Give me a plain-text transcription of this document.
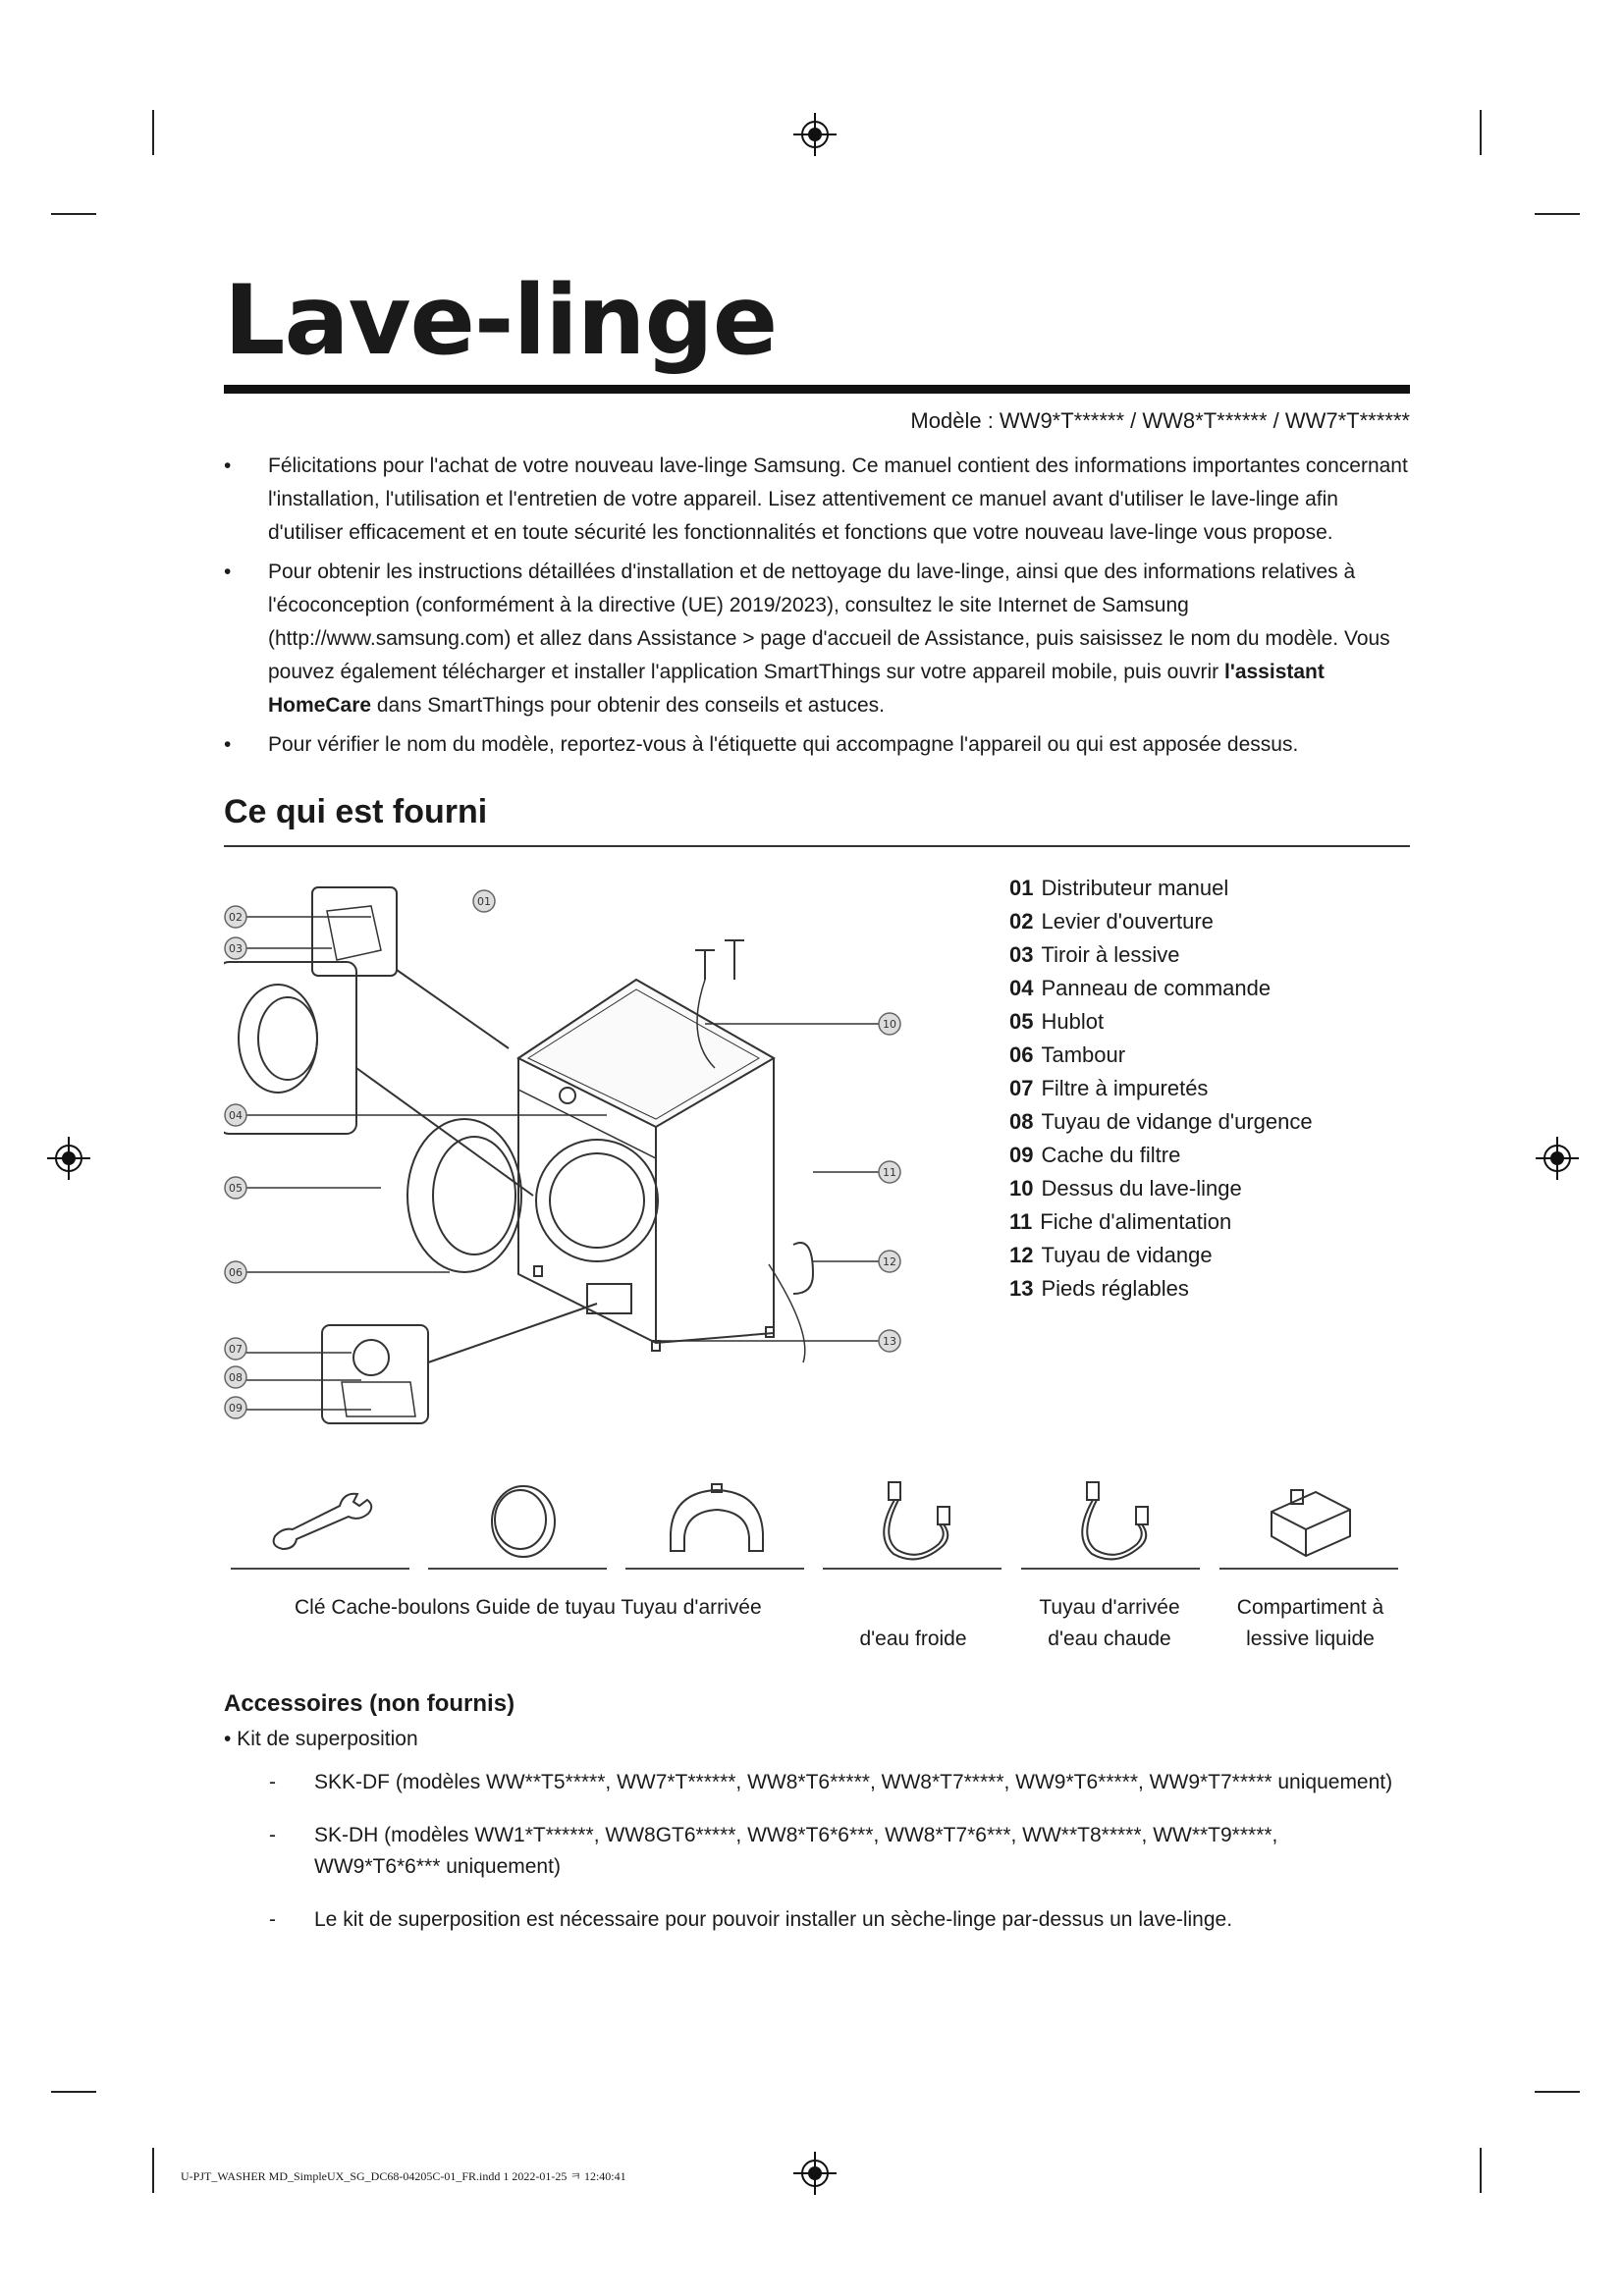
Lave-linge
Modèle : WW9*T****** / WW8*T****** / WW7*T******
• Félicitations pour l'achat de votre nouveau lave-linge Samsung. Ce manuel contient des informations importantes concernant l'installation, l'utilisation et l'entretien de votre appareil. Lisez attentivement ce manuel avant d'utiliser le lave-linge afin d'utiliser efficacement et en toute sécurité les fonctionnalités et fonctions que votre nouveau lave-linge vous propose.
• Pour obtenir les instructions détaillées d'installation et de nettoyage du lave-linge, ainsi que des informations relatives à l'écoconception (conformément à la directive (UE) 2019/2023), consultez le site Internet de Samsung (http://www.samsung.com) et allez dans Assistance > page d'accueil de Assistance, puis saisissez le nom du modèle. Vous pouvez également télécharger et installer l'application SmartThings sur votre appareil mobile, puis ouvrir l'assistant HomeCare dans SmartThings pour obtenir des conseils et astuces.
• Pour vérifier le nom du modèle, reportez-vous à l'étiquette qui accompagne l'appareil ou qui est apposée dessus.
Ce qui est fourni
01
02
03
04
05
06
07
08
09
10
11
12
13
01 Distributeur manuel
02 Levier d'ouverture
03 Tiroir à lessive
04 Panneau de commande
05 Hublot
06 Tambour
07 Filtre à impuretés
08 Tuyau de vidange d'urgence
09 Cache du filtre
10 Dessus du lave-linge
11 Fiche d'alimentation
12 Tuyau de vidange
13 Pieds réglables
Clé Cache-boulons Guide de tuyau Tuyau d'arrivée
d'eau froide
Tuyau d'arrivée
d'eau chaude
Compartiment à
lessive liquide
Accessoires (non fournis)
• Kit de superposition
- SKK-DF (modèles WW**T5*****, WW7*T******, WW8*T6*****, WW8*T7*****, WW9*T6*****, WW9*T7***** uniquement)
- SK-DH (modèles WW1*T******, WW8GT6*****, WW8*T6*6***, WW8*T7*6***, WW**T8*****, WW**T9*****, WW9*T6*6*** uniquement)
- Le kit de superposition est nécessaire pour pouvoir installer un sèche-linge par-dessus un lave-linge.
U-PJT_WASHER MD_SimpleUX_SG_DC68-04205C-01_FR.indd 1 2022-01-25 ㅋ 12:40:41
